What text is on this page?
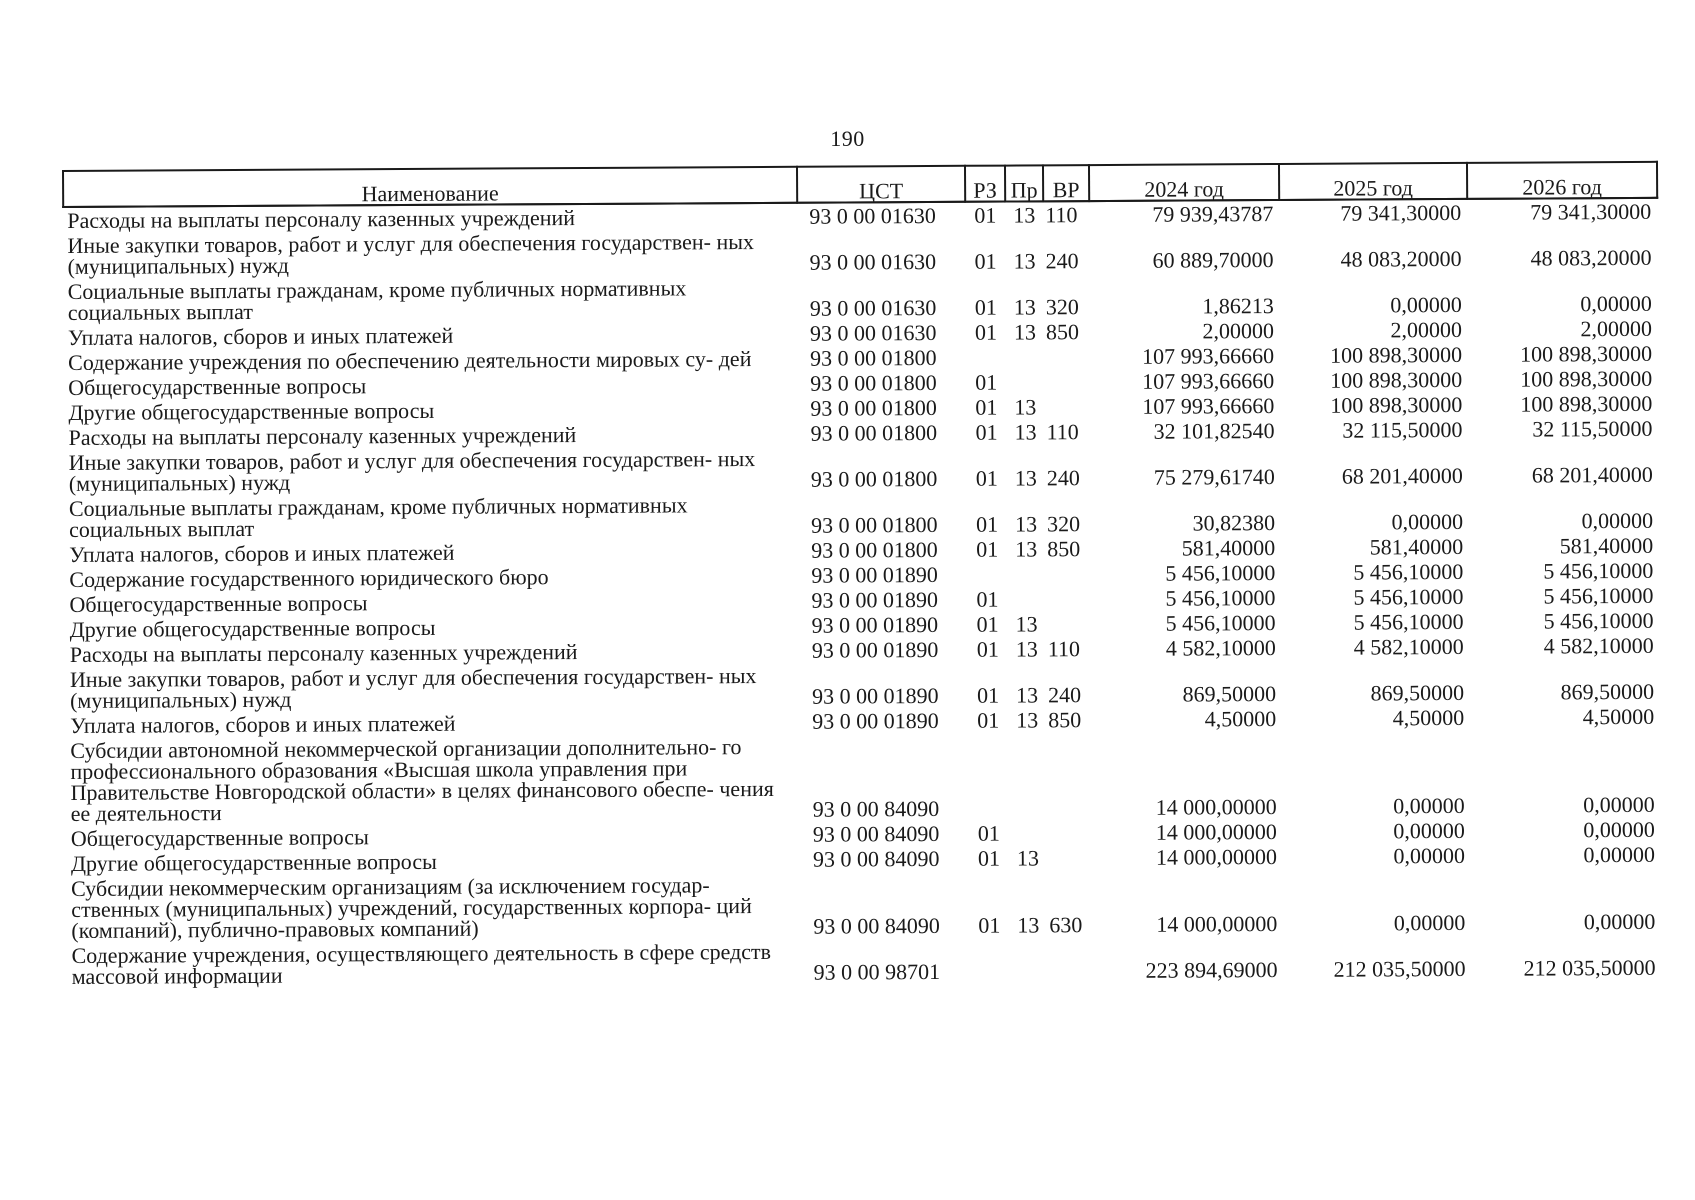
190
Наименование	ЦСТ	РЗ	Пр	ВР	2024 год	2025 год	2026 год
Расходы на выплаты персоналу казенных учреждений	93 0 00 01630	01	13	110	79 939,43787	79 341,30000	79 341,30000
Иные закупки товаров, работ и услуг для обеспечения государствен- ных (муниципальных) нужд	93 0 00 01630	01	13	240	60 889,70000	48 083,20000	48 083,20000
Социальные выплаты гражданам, кроме публичных нормативных социальных выплат	93 0 00 01630	01	13	320	1,86213	0,00000	0,00000
Уплата налогов, сборов и иных платежей	93 0 00 01630	01	13	850	2,00000	2,00000	2,00000
Содержание учреждения по обеспечению деятельности мировых су- дей	93 0 00 01800				107 993,66660	100 898,30000	100 898,30000
Общегосударственные вопросы	93 0 00 01800	01			107 993,66660	100 898,30000	100 898,30000
Другие общегосударственные вопросы	93 0 00 01800	01	13		107 993,66660	100 898,30000	100 898,30000
Расходы на выплаты персоналу казенных учреждений	93 0 00 01800	01	13	110	32 101,82540	32 115,50000	32 115,50000
Иные закупки товаров, работ и услуг для обеспечения государствен- ных (муниципальных) нужд	93 0 00 01800	01	13	240	75 279,61740	68 201,40000	68 201,40000
Социальные выплаты гражданам, кроме публичных нормативных социальных выплат	93 0 00 01800	01	13	320	30,82380	0,00000	0,00000
Уплата налогов, сборов и иных платежей	93 0 00 01800	01	13	850	581,40000	581,40000	581,40000
Содержание государственного юридического бюро	93 0 00 01890				5 456,10000	5 456,10000	5 456,10000
Общегосударственные вопросы	93 0 00 01890	01			5 456,10000	5 456,10000	5 456,10000
Другие общегосударственные вопросы	93 0 00 01890	01	13		5 456,10000	5 456,10000	5 456,10000
Расходы на выплаты персоналу казенных учреждений	93 0 00 01890	01	13	110	4 582,10000	4 582,10000	4 582,10000
Иные закупки товаров, работ и услуг для обеспечения государствен- ных (муниципальных) нужд	93 0 00 01890	01	13	240	869,50000	869,50000	869,50000
Уплата налогов, сборов и иных платежей	93 0 00 01890	01	13	850	4,50000	4,50000	4,50000
Субсидии автономной некоммерческой организации дополнительно- го профессионального образования «Высшая школа управления при Правительстве Новгородской области» в целях финансового обеспе- чения ее деятельности	93 0 00 84090				14 000,00000	0,00000	0,00000
Общегосударственные вопросы	93 0 00 84090	01			14 000,00000	0,00000	0,00000
Другие общегосударственные вопросы	93 0 00 84090	01	13		14 000,00000	0,00000	0,00000
Субсидии некоммерческим организациям (за исключением государ- ственных (муниципальных) учреждений, государственных корпора- ций (компаний), публично-правовых компаний)	93 0 00 84090	01	13	630	14 000,00000	0,00000	0,00000
Содержание учреждения, осуществляющего деятельность в сфере средств массовой информации	93 0 00 98701				223 894,69000	212 035,50000	212 035,50000
